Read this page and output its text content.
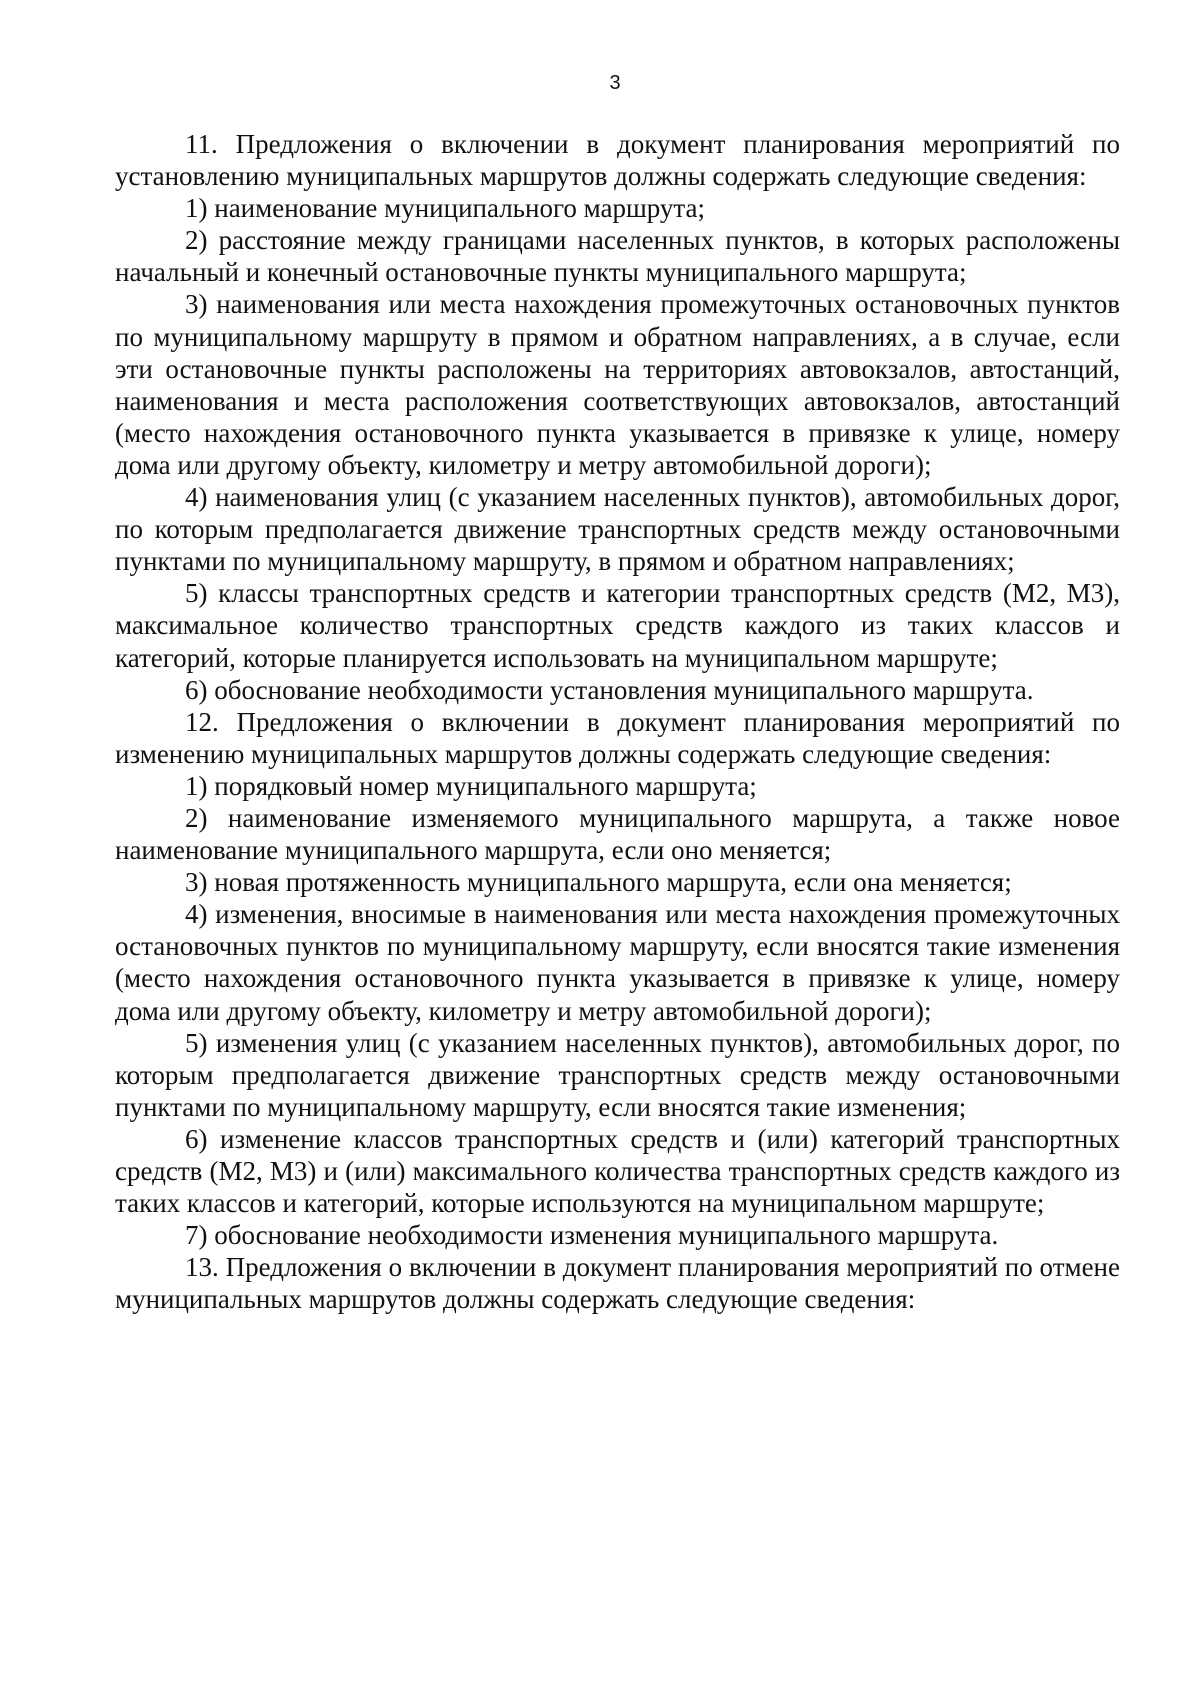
3

11. Предложения о включении в документ планирования мероприятий по установлению муниципальных маршрутов должны содержать следующие сведения:

1) наименование муниципального маршрута;

2) расстояние между границами населенных пунктов, в которых расположены начальный и конечный остановочные пункты муниципального маршрута;

3) наименования или места нахождения промежуточных остановочных пунктов по муниципальному маршруту в прямом и обратном направлениях, а в случае, если эти остановочные пункты расположены на территориях автовокзалов, автостанций, наименования и места расположения соответствующих автовокзалов, автостанций (место нахождения остановочного пункта указывается в привязке к улице, номеру дома или другому объекту, километру и метру автомобильной дороги);

4) наименования улиц (с указанием населенных пунктов), автомобильных дорог, по которым предполагается движение транспортных средств между остановочными пунктами по муниципальному маршруту, в прямом и обратном направлениях;

5) классы транспортных средств и категории транспортных средств (М2, М3), максимальное количество транспортных средств каждого из таких классов и категорий, которые планируется использовать на муниципальном маршруте;

6) обоснование необходимости установления муниципального маршрута.

12. Предложения о включении в документ планирования мероприятий по изменению муниципальных маршрутов должны содержать следующие сведения:

1) порядковый номер муниципального маршрута;

2) наименование изменяемого муниципального маршрута, а также новое наименование муниципального маршрута, если оно меняется;

3) новая протяженность муниципального маршрута, если она меняется;

4) изменения, вносимые в наименования или места нахождения промежуточных остановочных пунктов по муниципальному маршруту, если вносятся такие изменения (место нахождения остановочного пункта указывается в привязке к улице, номеру дома или другому объекту, километру и метру автомобильной дороги);

5) изменения улиц (с указанием населенных пунктов), автомобильных дорог, по которым предполагается движение транспортных средств между остановочными пунктами по муниципальному маршруту, если вносятся такие изменения;

6) изменение классов транспортных средств и (или) категорий транспортных средств (М2, М3) и (или) максимального количества транспортных средств каждого из таких классов и категорий, которые используются на муниципальном маршруте;

7) обоснование необходимости изменения муниципального маршрута.

13. Предложения о включении в документ планирования мероприятий по отмене муниципальных маршрутов должны содержать следующие сведения:
